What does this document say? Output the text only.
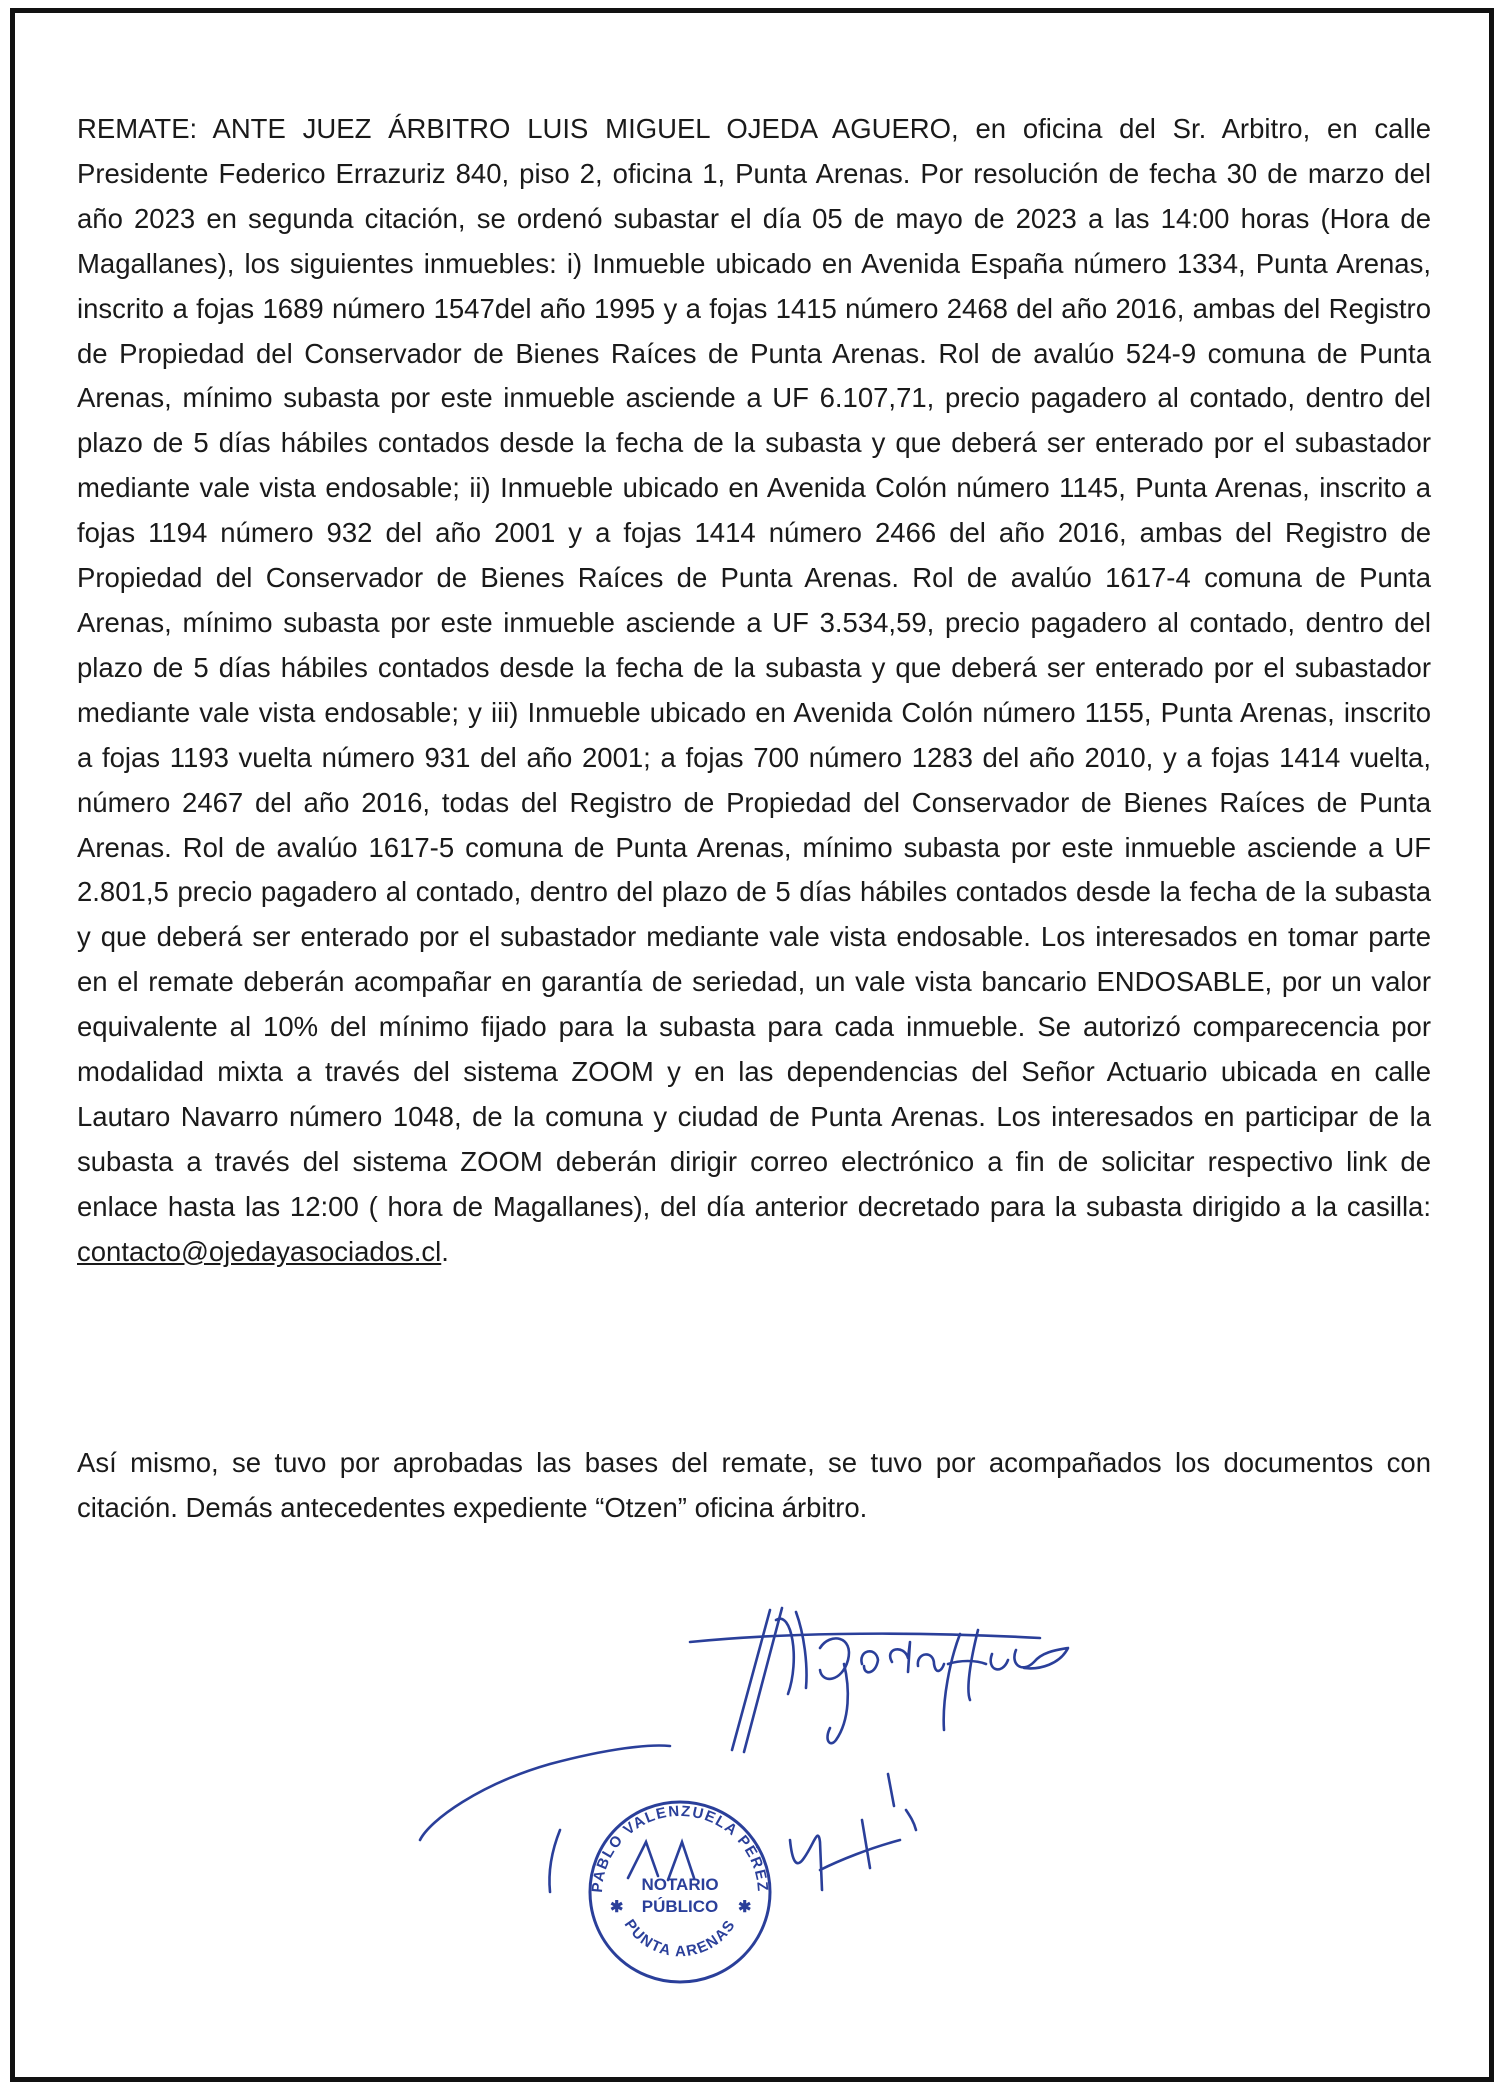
REMATE: ANTE JUEZ ÁRBITRO LUIS MIGUEL OJEDA AGUERO, en oficina del Sr. Arbitro, en calle Presidente Federico Errazuriz 840, piso 2, oficina 1, Punta Arenas. Por resolución de fecha 30 de marzo del año 2023 en segunda citación, se ordenó subastar el día 05 de mayo de 2023 a las 14:00 horas (Hora de Magallanes), los siguientes inmuebles: i) Inmueble ubicado en Avenida España número 1334, Punta Arenas, inscrito a fojas 1689 número 1547del año 1995 y a fojas 1415 número 2468 del año 2016, ambas del Registro de Propiedad del Conservador de Bienes Raíces de Punta Arenas. Rol de avalúo 524-9 comuna de Punta Arenas, mínimo subasta por este inmueble asciende a UF 6.107,71, precio pagadero al contado, dentro del plazo de 5 días hábiles contados desde la fecha de la subasta y que deberá ser enterado por el subastador mediante vale vista endosable; ii) Inmueble ubicado en Avenida Colón número 1145, Punta Arenas, inscrito a fojas 1194 número 932 del año 2001 y a fojas 1414 número 2466 del año 2016, ambas del Registro de Propiedad del Conservador de Bienes Raíces de Punta Arenas. Rol de avalúo 1617-4 comuna de Punta Arenas, mínimo subasta por este inmueble asciende a UF 3.534,59, precio pagadero al contado, dentro del plazo de 5 días hábiles contados desde la fecha de la subasta y que deberá ser enterado por el subastador mediante vale vista endosable; y iii) Inmueble ubicado en Avenida Colón número 1155, Punta Arenas, inscrito a fojas 1193 vuelta número 931 del año 2001; a fojas 700 número 1283 del año 2010, y a fojas 1414 vuelta, número 2467 del año 2016, todas del Registro de Propiedad del Conservador de Bienes Raíces de Punta Arenas. Rol de avalúo 1617-5 comuna de Punta Arenas, mínimo subasta por este inmueble asciende a UF 2.801,5 precio pagadero al contado, dentro del plazo de 5 días hábiles contados desde la fecha de la subasta y que deberá ser enterado por el subastador mediante vale vista endosable. Los interesados en tomar parte en el remate deberán acompañar en garantía de seriedad, un vale vista bancario ENDOSABLE, por un valor equivalente al 10% del mínimo fijado para la subasta para cada inmueble. Se autorizó comparecencia por modalidad mixta a través del sistema ZOOM y en las dependencias del Señor Actuario ubicada en calle Lautaro Navarro número 1048, de la comuna y ciudad de Punta Arenas. Los interesados en participar de la subasta a través del sistema ZOOM deberán dirigir correo electrónico a fin de solicitar respectivo link de enlace hasta las 12:00 ( hora de Magallanes), del día anterior decretado para la subasta dirigido a la casilla: contacto@ojedayasociados.cl.

Así mismo, se tuvo por aprobadas las bases del remate, se tuvo por acompañados los documentos con citación. Demás antecedentes expediente “Otzen” oficina árbitro.

PABLO VALENZUELA PÉREZ
PUNTA ARENAS
NOTARIO
PÚBLICO
✱	✱
